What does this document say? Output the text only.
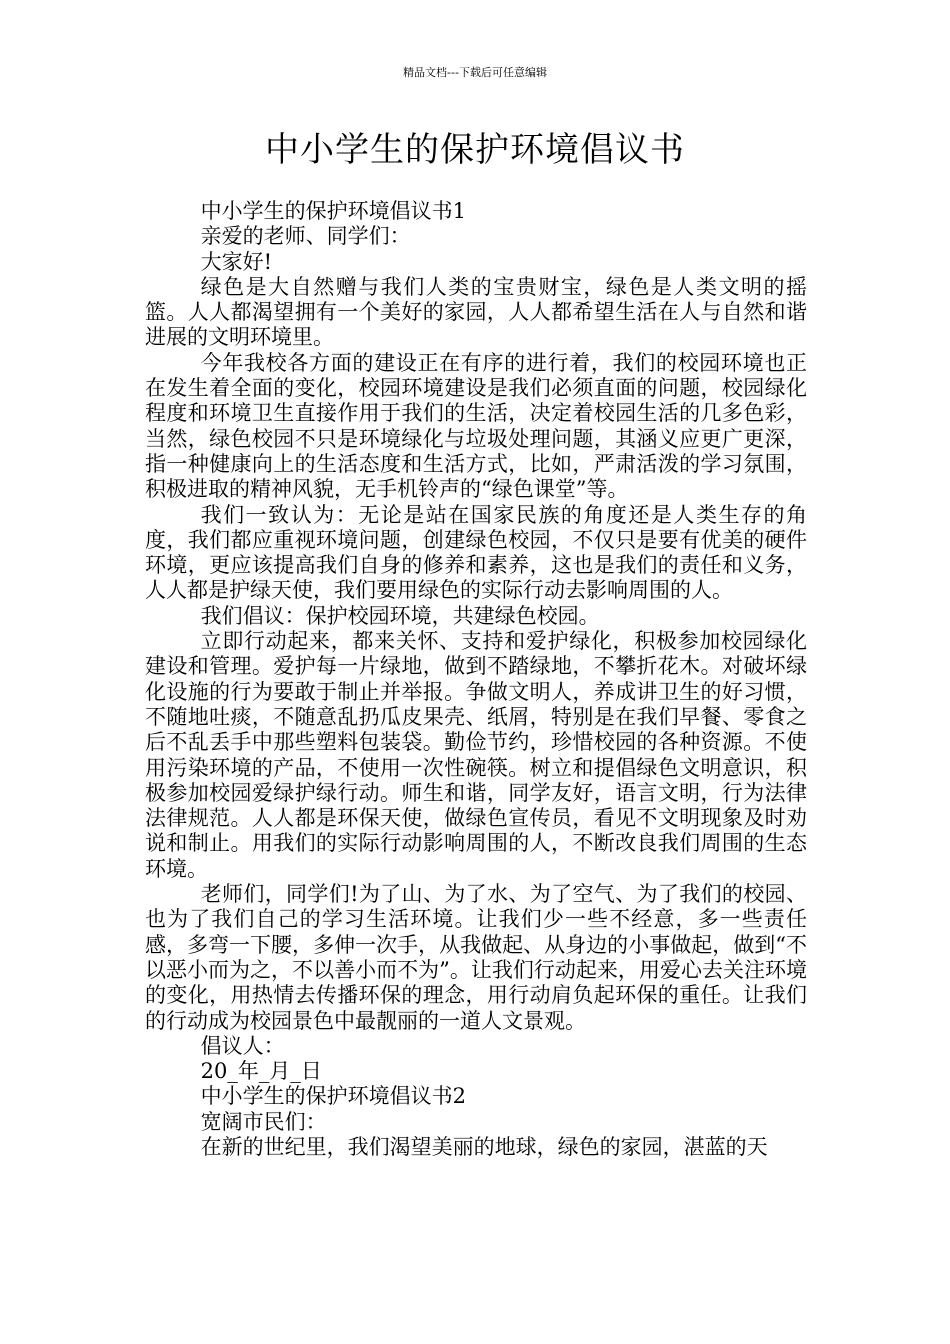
精品文档---下载后可任意编辑
中小学生的保护环境倡议书

中小学生的保护环境倡议书1

亲爱的老师、同学们：

大家好!

绿色是大自然赠与我们人类的宝贵财宝，绿色是人类文明的摇篮。人人都渴望拥有一个美好的家园，人人都希望生活在人与自然和谐进展的文明环境里。

今年我校各方面的建设正在有序的进行着，我们的校园环境也正在发生着全面的变化，校园环境建设是我们必须直面的问题，校园绿化程度和环境卫生直接作用于我们的生活，决定着校园生活的几多色彩，当然，绿色校园不只是环境绿化与垃圾处理问题，其涵义应更广更深，指一种健康向上的生活态度和生活方式，比如，严肃活泼的学习氛围，积极进取的精神风貌，无手机铃声的“绿色课堂”等。

我们一致认为：无论是站在国家民族的角度还是人类生存的角度，我们都应重视环境问题，创建绿色校园，不仅只是要有优美的硬件环境，更应该提高我们自身的修养和素养，这也是我们的责任和义务，人人都是护绿天使，我们要用绿色的实际行动去影响周围的人。

我们倡议：保护校园环境，共建绿色校园。

立即行动起来，都来关怀、支持和爱护绿化，积极参加校园绿化建设和管理。爱护每一片绿地，做到不踏绿地，不攀折花木。对破坏绿化设施的行为要敢于制止并举报。争做文明人，养成讲卫生的好习惯，不随地吐痰，不随意乱扔瓜皮果壳、纸屑，特别是在我们早餐、零食之后不乱丢手中那些塑料包装袋。勤俭节约，珍惜校园的各种资源。不使用污染环境的产品，不使用一次性碗筷。树立和提倡绿色文明意识，积极参加校园爱绿护绿行动。师生和谐，同学友好，语言文明，行为法律法律规范。人人都是环保天使，做绿色宣传员，看见不文明现象及时劝说和制止。用我们的实际行动影响周围的人，不断改良我们周围的生态环境。

老师们，同学们!为了山、为了水、为了空气、为了我们的校园、也为了我们自己的学习生活环境。让我们少一些不经意，多一些责任感，多弯一下腰，多伸一次手，从我做起、从身边的小事做起，做到“不以恶小而为之，不以善小而不为”。让我们行动起来，用爱心去关注环境的变化，用热情去传播环保的理念，用行动肩负起环保的重任。让我们的行动成为校园景色中最靓丽的一道人文景观。

倡议人：

20_年_月_日

中小学生的保护环境倡议书2

宽阔市民们：

在新的世纪里，我们渴望美丽的地球，绿色的家园，湛蓝的天
